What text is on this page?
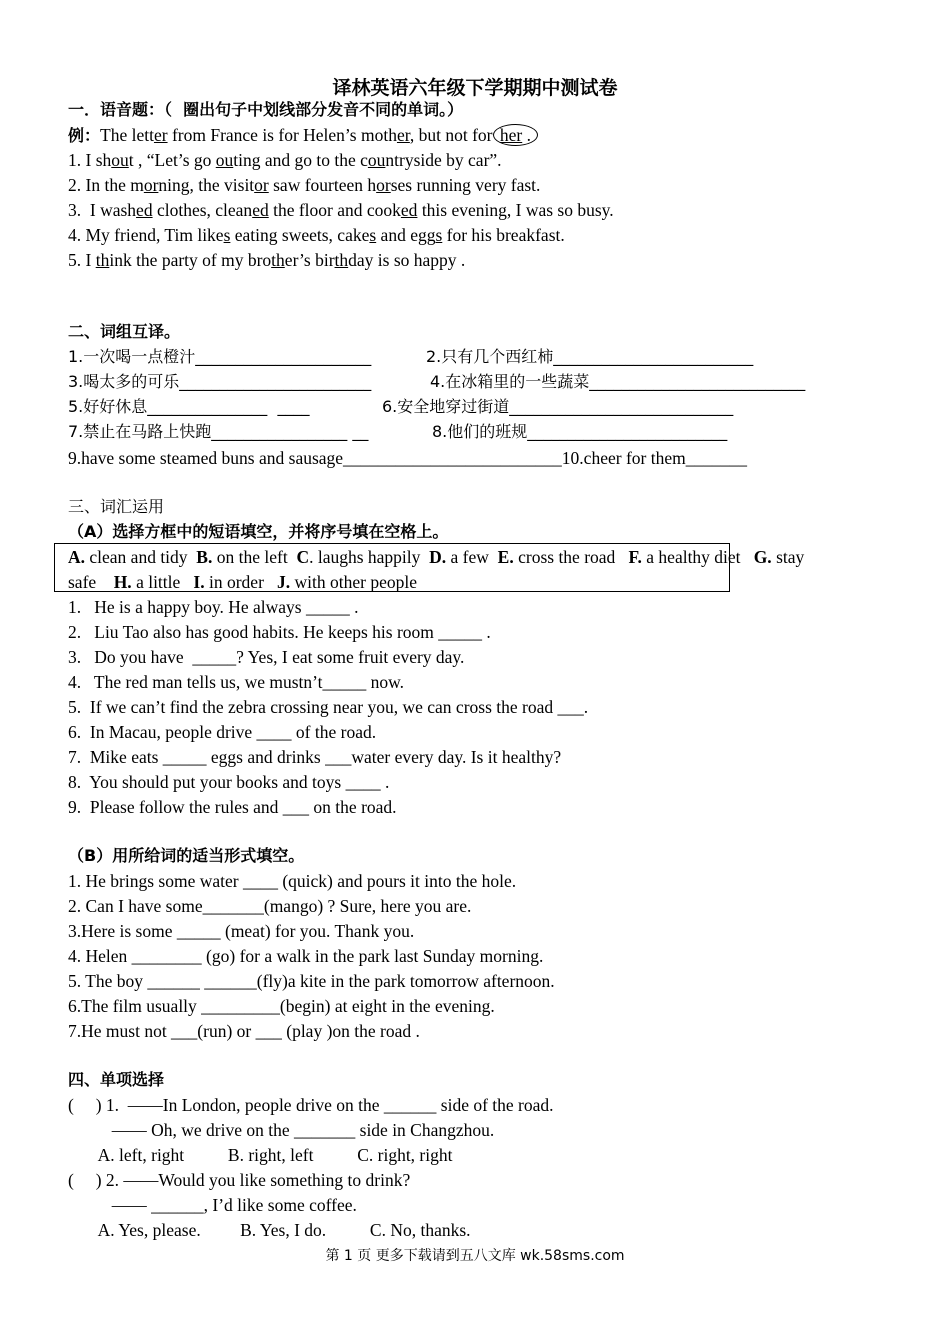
译林英语六年级下学期期中测试卷
一．语音题：（  圈出句子中划线部分发音不同的单词。）
例：The letter from France is for Helen’s mother, but not for her .
1. I shout , “Let’s go outing and go to the countryside by car”.
2. In the morning, the visitor saw fourteen horses running very fast.
3.  I washed clothes, cleaned the floor and cooked this evening, I was so busy.
4. My friend, Tim likes eating sweets, cakes and eggs for his breakfast.
5. I think the party of my brother’s birthday is so happy .
二、词组互译。
1.一次喝一点橙汁______________________	2.只有几个西红柿_________________________
3.喝太多的可乐________________________	4.在冰箱里的一些蔬菜___________________________
5.好好休息_______________  ____	6.安全地穿过街道____________________________
7.禁止在马路上快跑_________________ __	8.他们的班规_________________________
9.have some steamed buns and sausage_________________________10.cheer for them_______
三、词汇运用
（A）选择方框中的短语填空，并将序号填在空格上。
A. clean and tidy  B. on the left  C. laughs happily  D. a few  E. cross the road   F. a healthy diet   G. stay
safe    H. a little   I. in order   J. with other people
1.   He is a happy boy. He always _____ .
2.   Liu Tao also has good habits. He keeps his room _____ .
3.   Do you have  _____? Yes, I eat some fruit every day.
4.   The red man tells us, we mustn’t_____ now.
5.  If we can’t find the zebra crossing near you, we can cross the road ___.
6.  In Macau, people drive ____ of the road.
7.  Mike eats _____ eggs and drinks ___water every day. Is it healthy?
8.  You should put your books and toys ____ .
9.  Please follow the rules and ___ on the road.
（B）用所给词的适当形式填空。
1. He brings some water ____ (quick) and pours it into the hole.
2. Can I have some_______(mango) ? Sure, here you are.
3.Here is some _____ (meat) for you. Thank you.
4. Helen ________ (go) for a walk in the park last Sunday morning.
5. The boy ______ ______(fly)a kite in the park tomorrow afternoon.
6.The film usually _________(begin) at eight in the evening.
7.He must not ___(run) or ___ (play )on the road .
四、单项选择
(     ) 1.  ——In London, people drive on the ______ side of the road.
—— Oh, we drive on the _______ side in Changzhou.
A. left, right          B. right, left          C. right, right
(     ) 2. ——Would you like something to drink?
—— ______, I’d like some coffee.
A. Yes, please.         B. Yes, I do.          C. No, thanks.
第 1 页 更多下载请到五八文库 wk.58sms.com
